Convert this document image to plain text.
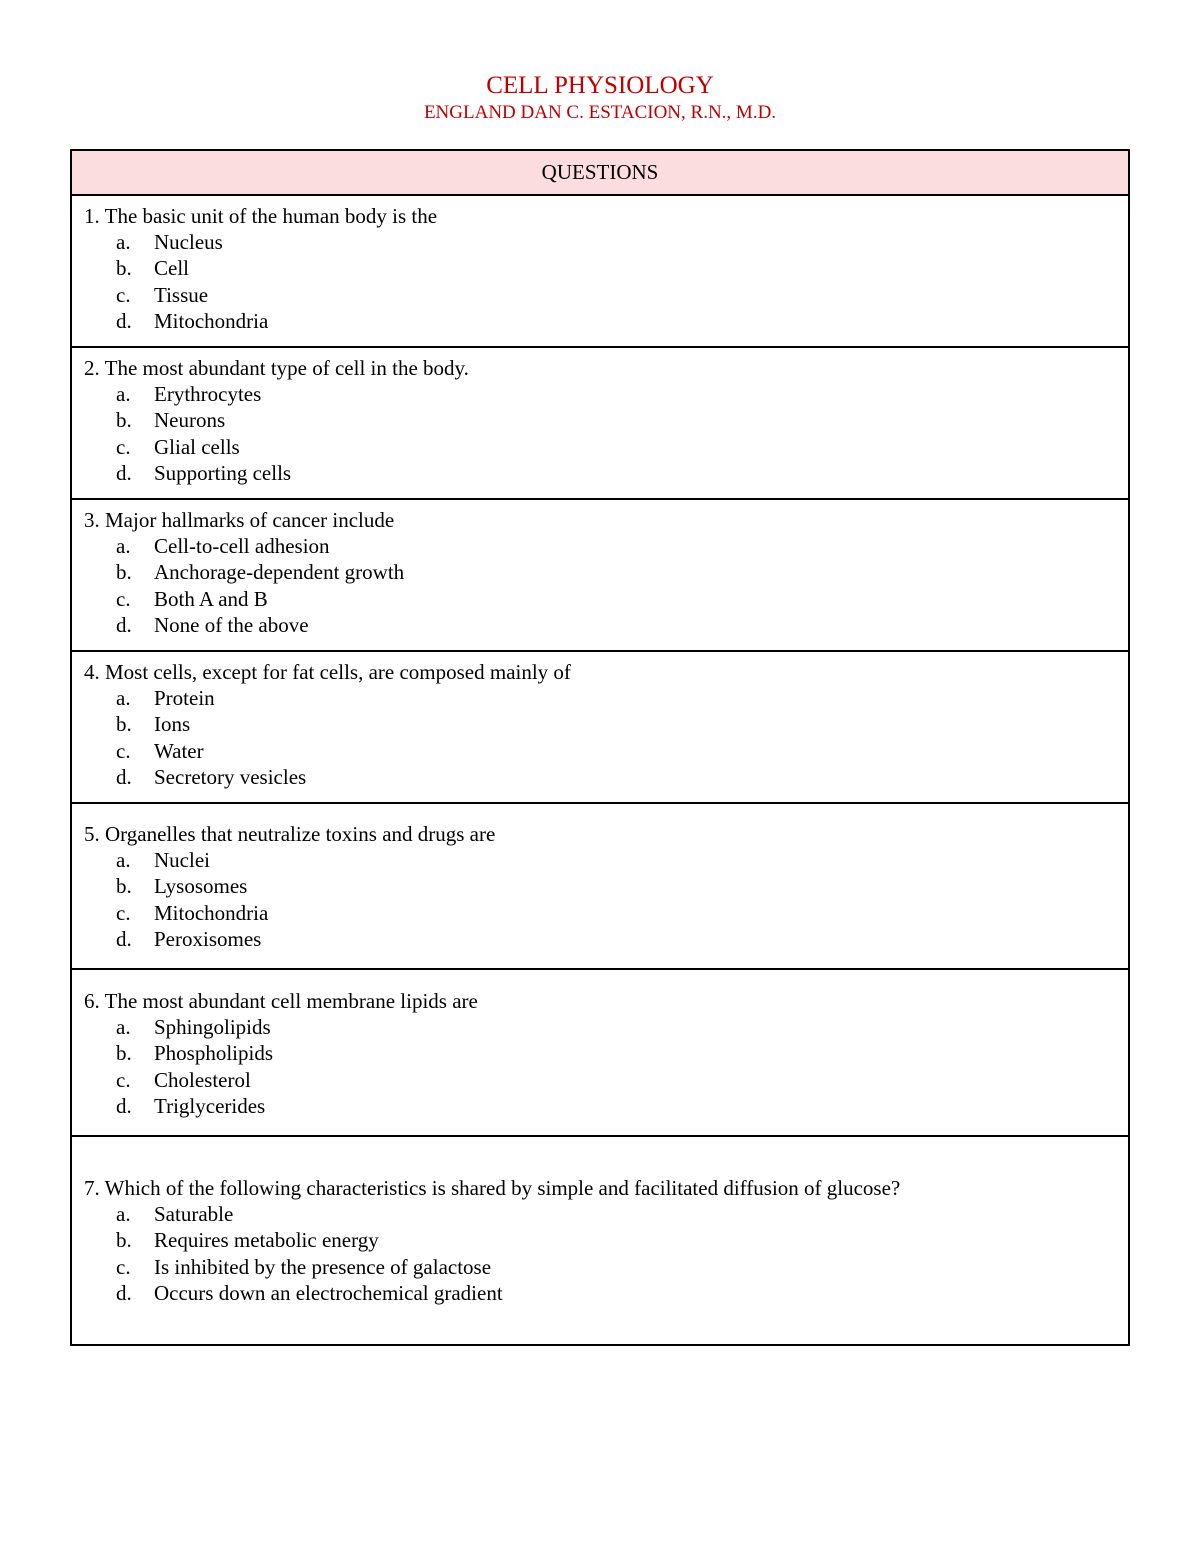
CELL PHYSIOLOGY
ENGLAND DAN C. ESTACION, R.N., M.D.
QUESTIONS

1. The basic unit of the human body is the

a.	Nucleus
b.	Cell
c.	Tissue
d.	Mitochondria

2. The most abundant type of cell in the body.

a.	Erythrocytes
b.	Neurons
c.	Glial cells
d.	Supporting cells

3. Major hallmarks of cancer include

a.	Cell-to-cell adhesion
b.	Anchorage-dependent growth
c.	Both A and B
d.	None of the above

4. Most cells, except for fat cells, are composed mainly of

a.	Protein
b.	Ions
c.	Water
d.	Secretory vesicles

5. Organelles that neutralize toxins and drugs are

a.	Nuclei
b.	Lysosomes
c.	Mitochondria
d.	Peroxisomes

6. The most abundant cell membrane lipids are

a.	Sphingolipids
b.	Phospholipids
c.	Cholesterol
d.	Triglycerides

7. Which of the following characteristics is shared by simple and facilitated diffusion of glucose?

a.	Saturable
b.	Requires metabolic energy
c.	Is inhibited by the presence of galactose
d.	Occurs down an electrochemical gradient
